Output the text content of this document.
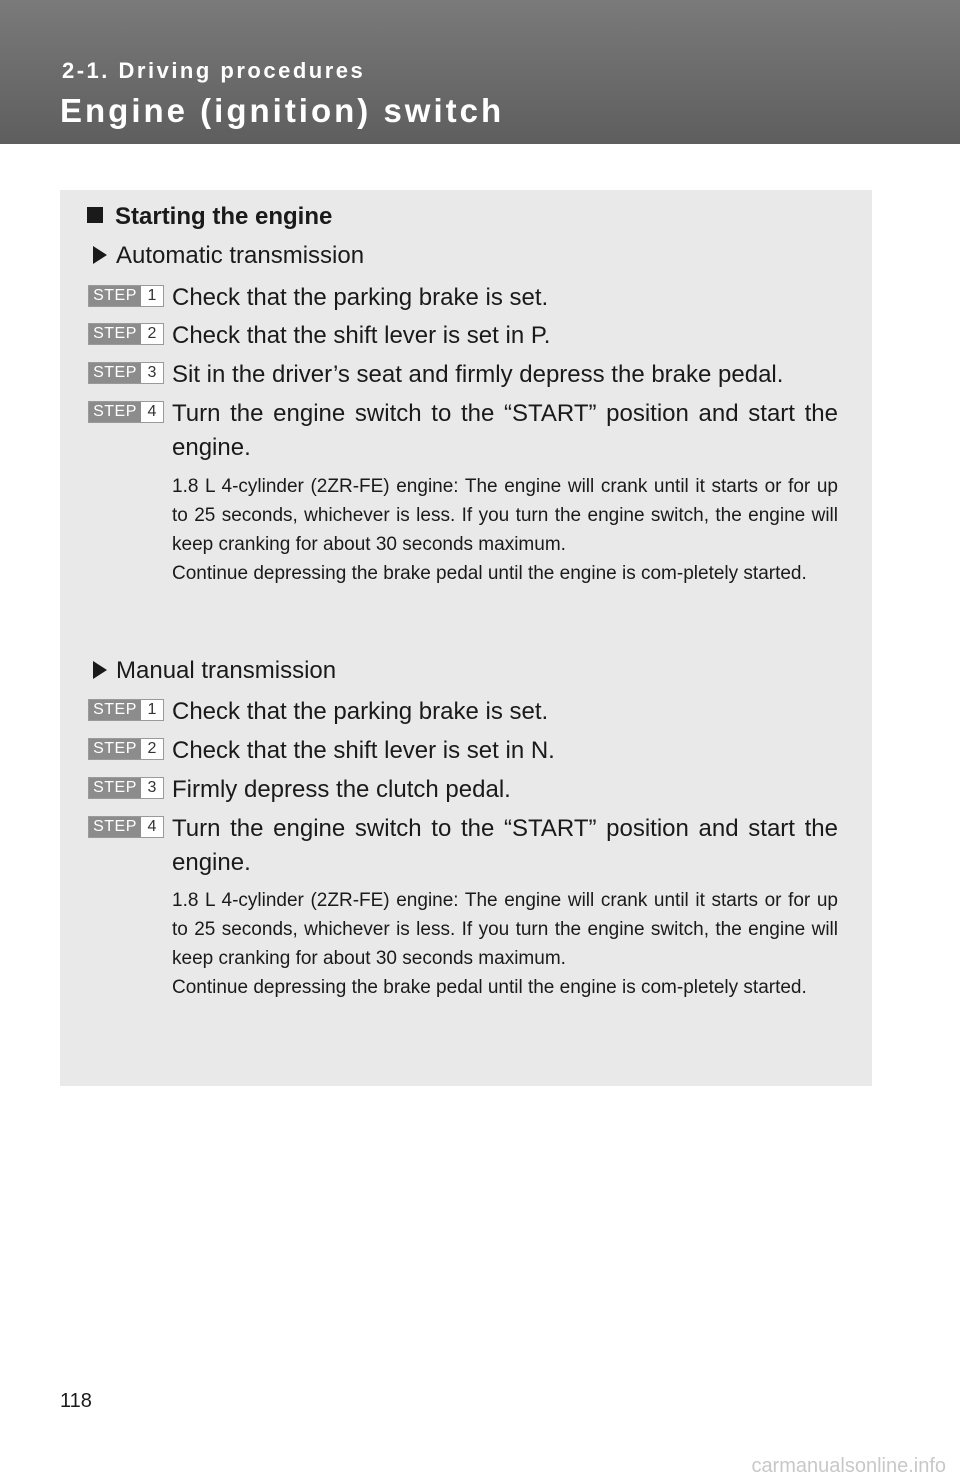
2-1. Driving procedures
Engine (ignition) switch
Starting the engine
Automatic transmission
STEP 1 Check that the parking brake is set.
STEP 2 Check that the shift lever is set in P.
STEP 3 Sit in the driver’s seat and firmly depress the brake pedal.
STEP 4 Turn the engine switch to the “START” position and start the engine.

1.8 L 4-cylinder (2ZR-FE) engine: The engine will crank until it starts or for up to 25 seconds, whichever is less. If you turn the engine switch, the engine will keep cranking for about 30 seconds maximum.

Continue depressing the brake pedal until the engine is com-pletely started.

Manual transmission
STEP 1 Check that the parking brake is set.
STEP 2 Check that the shift lever is set in N.
STEP 3 Firmly depress the clutch pedal.
STEP 4 Turn the engine switch to the “START” position and start the engine.

1.8 L 4-cylinder (2ZR-FE) engine: The engine will crank until it starts or for up to 25 seconds, whichever is less. If you turn the engine switch, the engine will keep cranking for about 30 seconds maximum.

Continue depressing the brake pedal until the engine is com-pletely started.

118
carmanualsonline.info
